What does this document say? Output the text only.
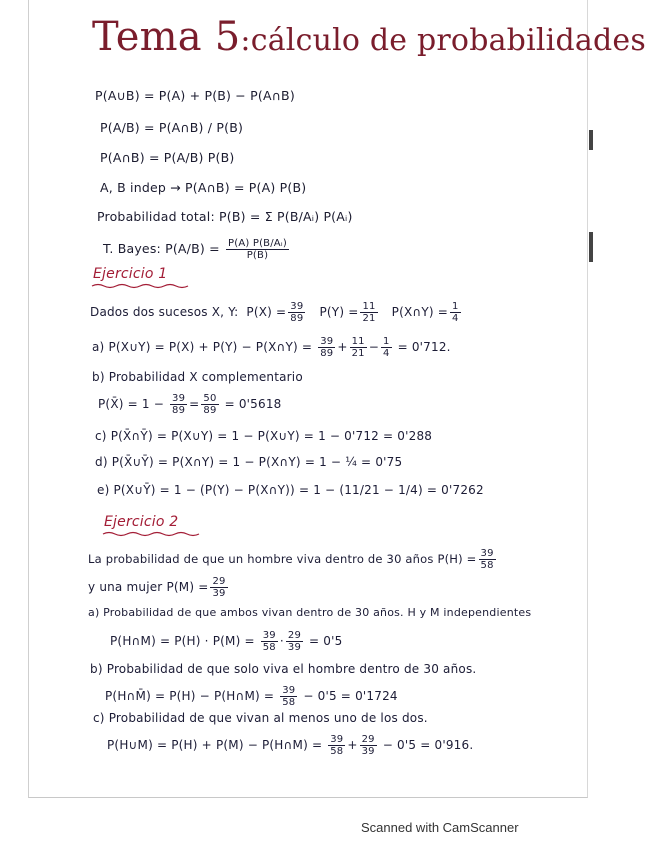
Tema 5:cálculo de probabilidades
P(A∪B) = P(A) + P(B) − P(A∩B)
P(A/B) = P(A∩B) / P(B)
P(A∩B) = P(A/B) P(B)
A, B indep → P(A∩B) = P(A) P(B)
Probabilidad total: P(B) = Σ P(B/Aᵢ) P(Aᵢ)
T. Bayes: $P(A/B) = \frac{\text{P(A) P(B/Aᵢ)}}{P(B)}$
Ejercicio 1
Dados dos sucesos X, Y:  $P(X) = \frac{39}{89} P(Y) = \frac{11}{21}$ P(X∩Y) = $\frac{1}{4}$
a) P(X∪Y) = P(X) + P(Y) − P(X∩Y) = $\frac{39}{89} + \frac{11}{21} - \frac{1}{4} = 0'712$.
b) Probabilidad X complementario
P(X̄) = $1 - \frac{39}{89} = \frac{50}{89} = 0'5618$
c) P(X̄∩Ȳ) = P(X∪Y) = 1 − P(X∪Y) = 1 − 0'712 = 0'288
d) P(X̄∪Ȳ) = P(X∩Y) = 1 − P(X∩Y) = 1 − ¼ = 0'75
e) P(X∪Ȳ) = 1 − (P(Y) − P(X∩Y)) = 1 − (11/21 − 1/4) = 0'7262
Ejercicio 2
La probabilidad de que un hombre viva dentro de 30 años $P(H) = \frac{39}{58}$
y una mujer $P(M) = \frac{29}{39}$
a) Probabilidad de que ambos vivan dentro de 30 años. H y M independientes
P(H∩M) = $P(H) \cdot P(M) = \frac{39}{58} \cdot \frac{29}{39} = 0'5$
b) Probabilidad de que solo viva el hombre dentro de 30 años.
P(H∩M̄) = P(H) − P(H∩M) = $\frac{39}{58} - 0'5 = 0'1724$
c) Probabilidad de que vivan al menos uno de los dos.
P(H∪M) = P(H) + P(M) − P(H∩M) = $\frac{39}{58} + \frac{29}{39} - 0'5 = 0'916$.
Scanned with CamScanner
